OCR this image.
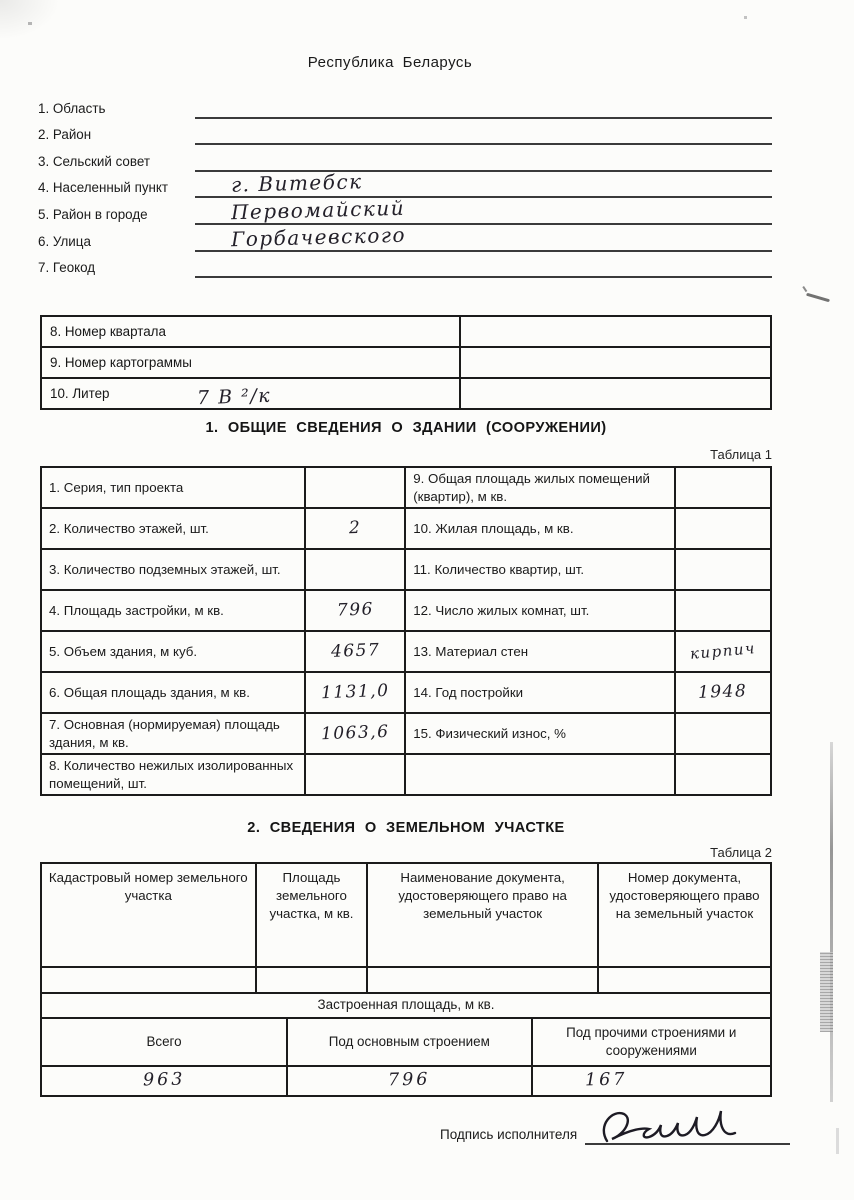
Республика Беларусь
1. Область
2. Район
3. Сельский совет
4. Населенный пункт	г. Витебск
5. Район в городе	Первомайский
6. Улица	Горбачевского
7. Геокод
8. Номер квартала

9. Номер картограммы

10. Литер 7 В ²/к	

1. ОБЩИЕ СВЕДЕНИЯ О ЗДАНИИ (СООРУЖЕНИИ)
Таблица 1
1. Серия, тип проекта		9. Общая площадь жилых помещений (квартир), м кв.	
2. Количество этажей, шт.	2	10. Жилая площадь, м кв.	
3. Количество подземных этажей, шт.		11. Количество квартир, шт.	
4. Площадь застройки, м кв.	796	12. Число жилых комнат, шт.	
5. Объем здания, м куб.	4657	13. Материал стен	кирпич
6. Общая площадь здания, м кв.	1131,0	14. Год постройки	1948
7. Основная (нормируемая) площадь здания, м кв.	1063,6	15. Физический износ, %	
8. Количество нежилых изолированных помещений, шт.			
2. СВЕДЕНИЯ О ЗЕМЕЛЬНОМ УЧАСТКЕ
Таблица 2
Кадастровый номер земельного участка	Площадь земельного участка, м кв.	Наименование документа, удостоверяющего право на земельный участок	Номер документа, удостоверяющего право на земельный участок

Застроенная площадь, м кв.		
Всего	Под основным строением	Под прочими строениями и сооружениями
963	796	167
Подпись исполнителя
